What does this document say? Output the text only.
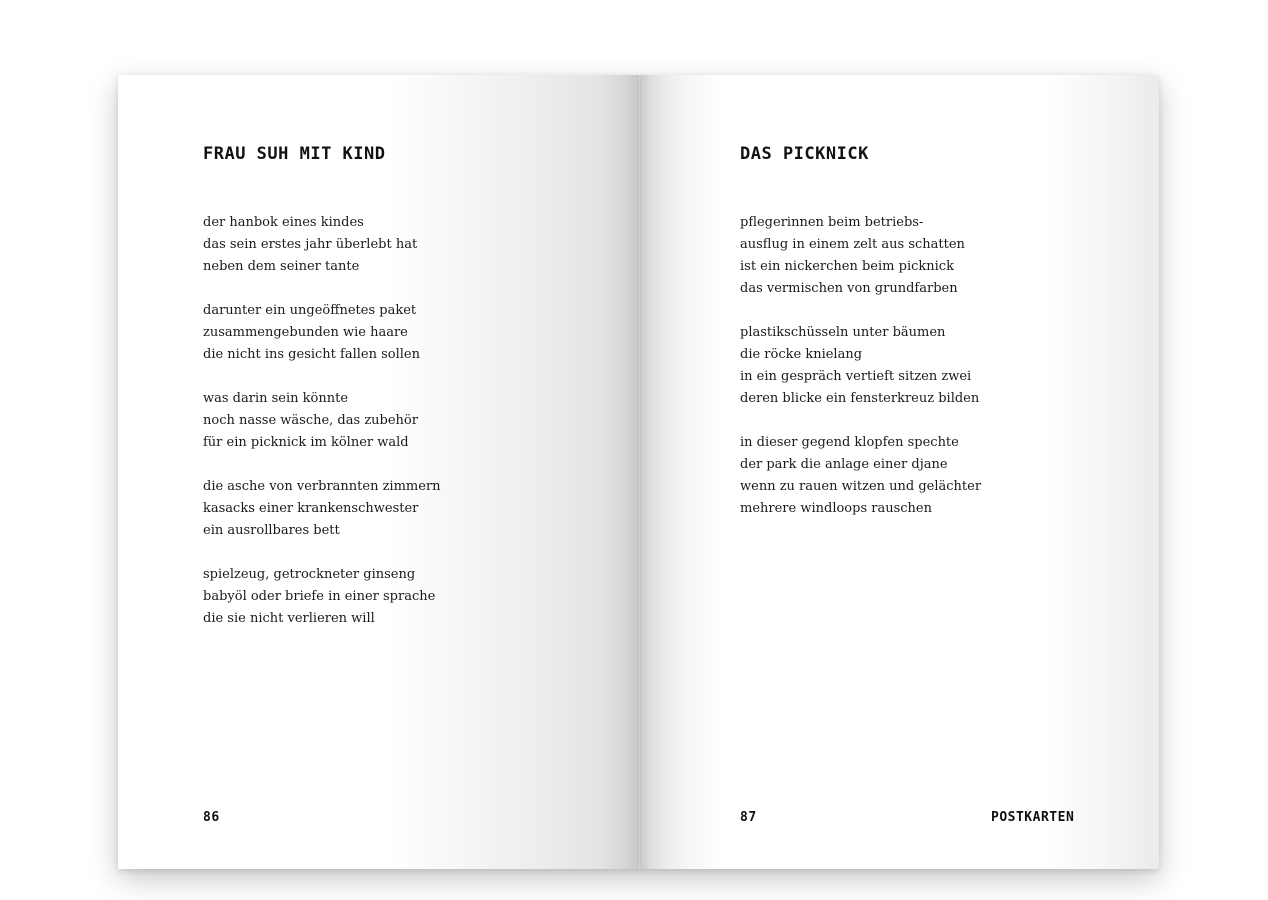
FRAU SUH MIT KIND
der hanbok eines kindes
das sein erstes jahr überlebt hat
neben dem seiner tante
darunter ein ungeöffnetes paket
zusammengebunden wie haare
die nicht ins gesicht fallen sollen
was darin sein könnte
noch nasse wäsche, das zubehör
für ein picknick im kölner wald
die asche von verbrannten zimmern
kasacks einer krankenschwester
ein ausrollbares bett
spielzeug, getrockneter ginseng
babyöl oder briefe in einer sprache
die sie nicht verlieren will
86
DAS PICKNICK
pflegerinnen beim betriebs-
ausflug in einem zelt aus schatten
ist ein nickerchen beim picknick
das vermischen von grundfarben
plastikschüsseln unter bäumen
die röcke knielang
in ein gespräch vertieft sitzen zwei
deren blicke ein fensterkreuz bilden
in dieser gegend klopfen spechte
der park die anlage einer djane
wenn zu rauen witzen und gelächter
mehrere windloops rauschen
87	POSTKARTEN
